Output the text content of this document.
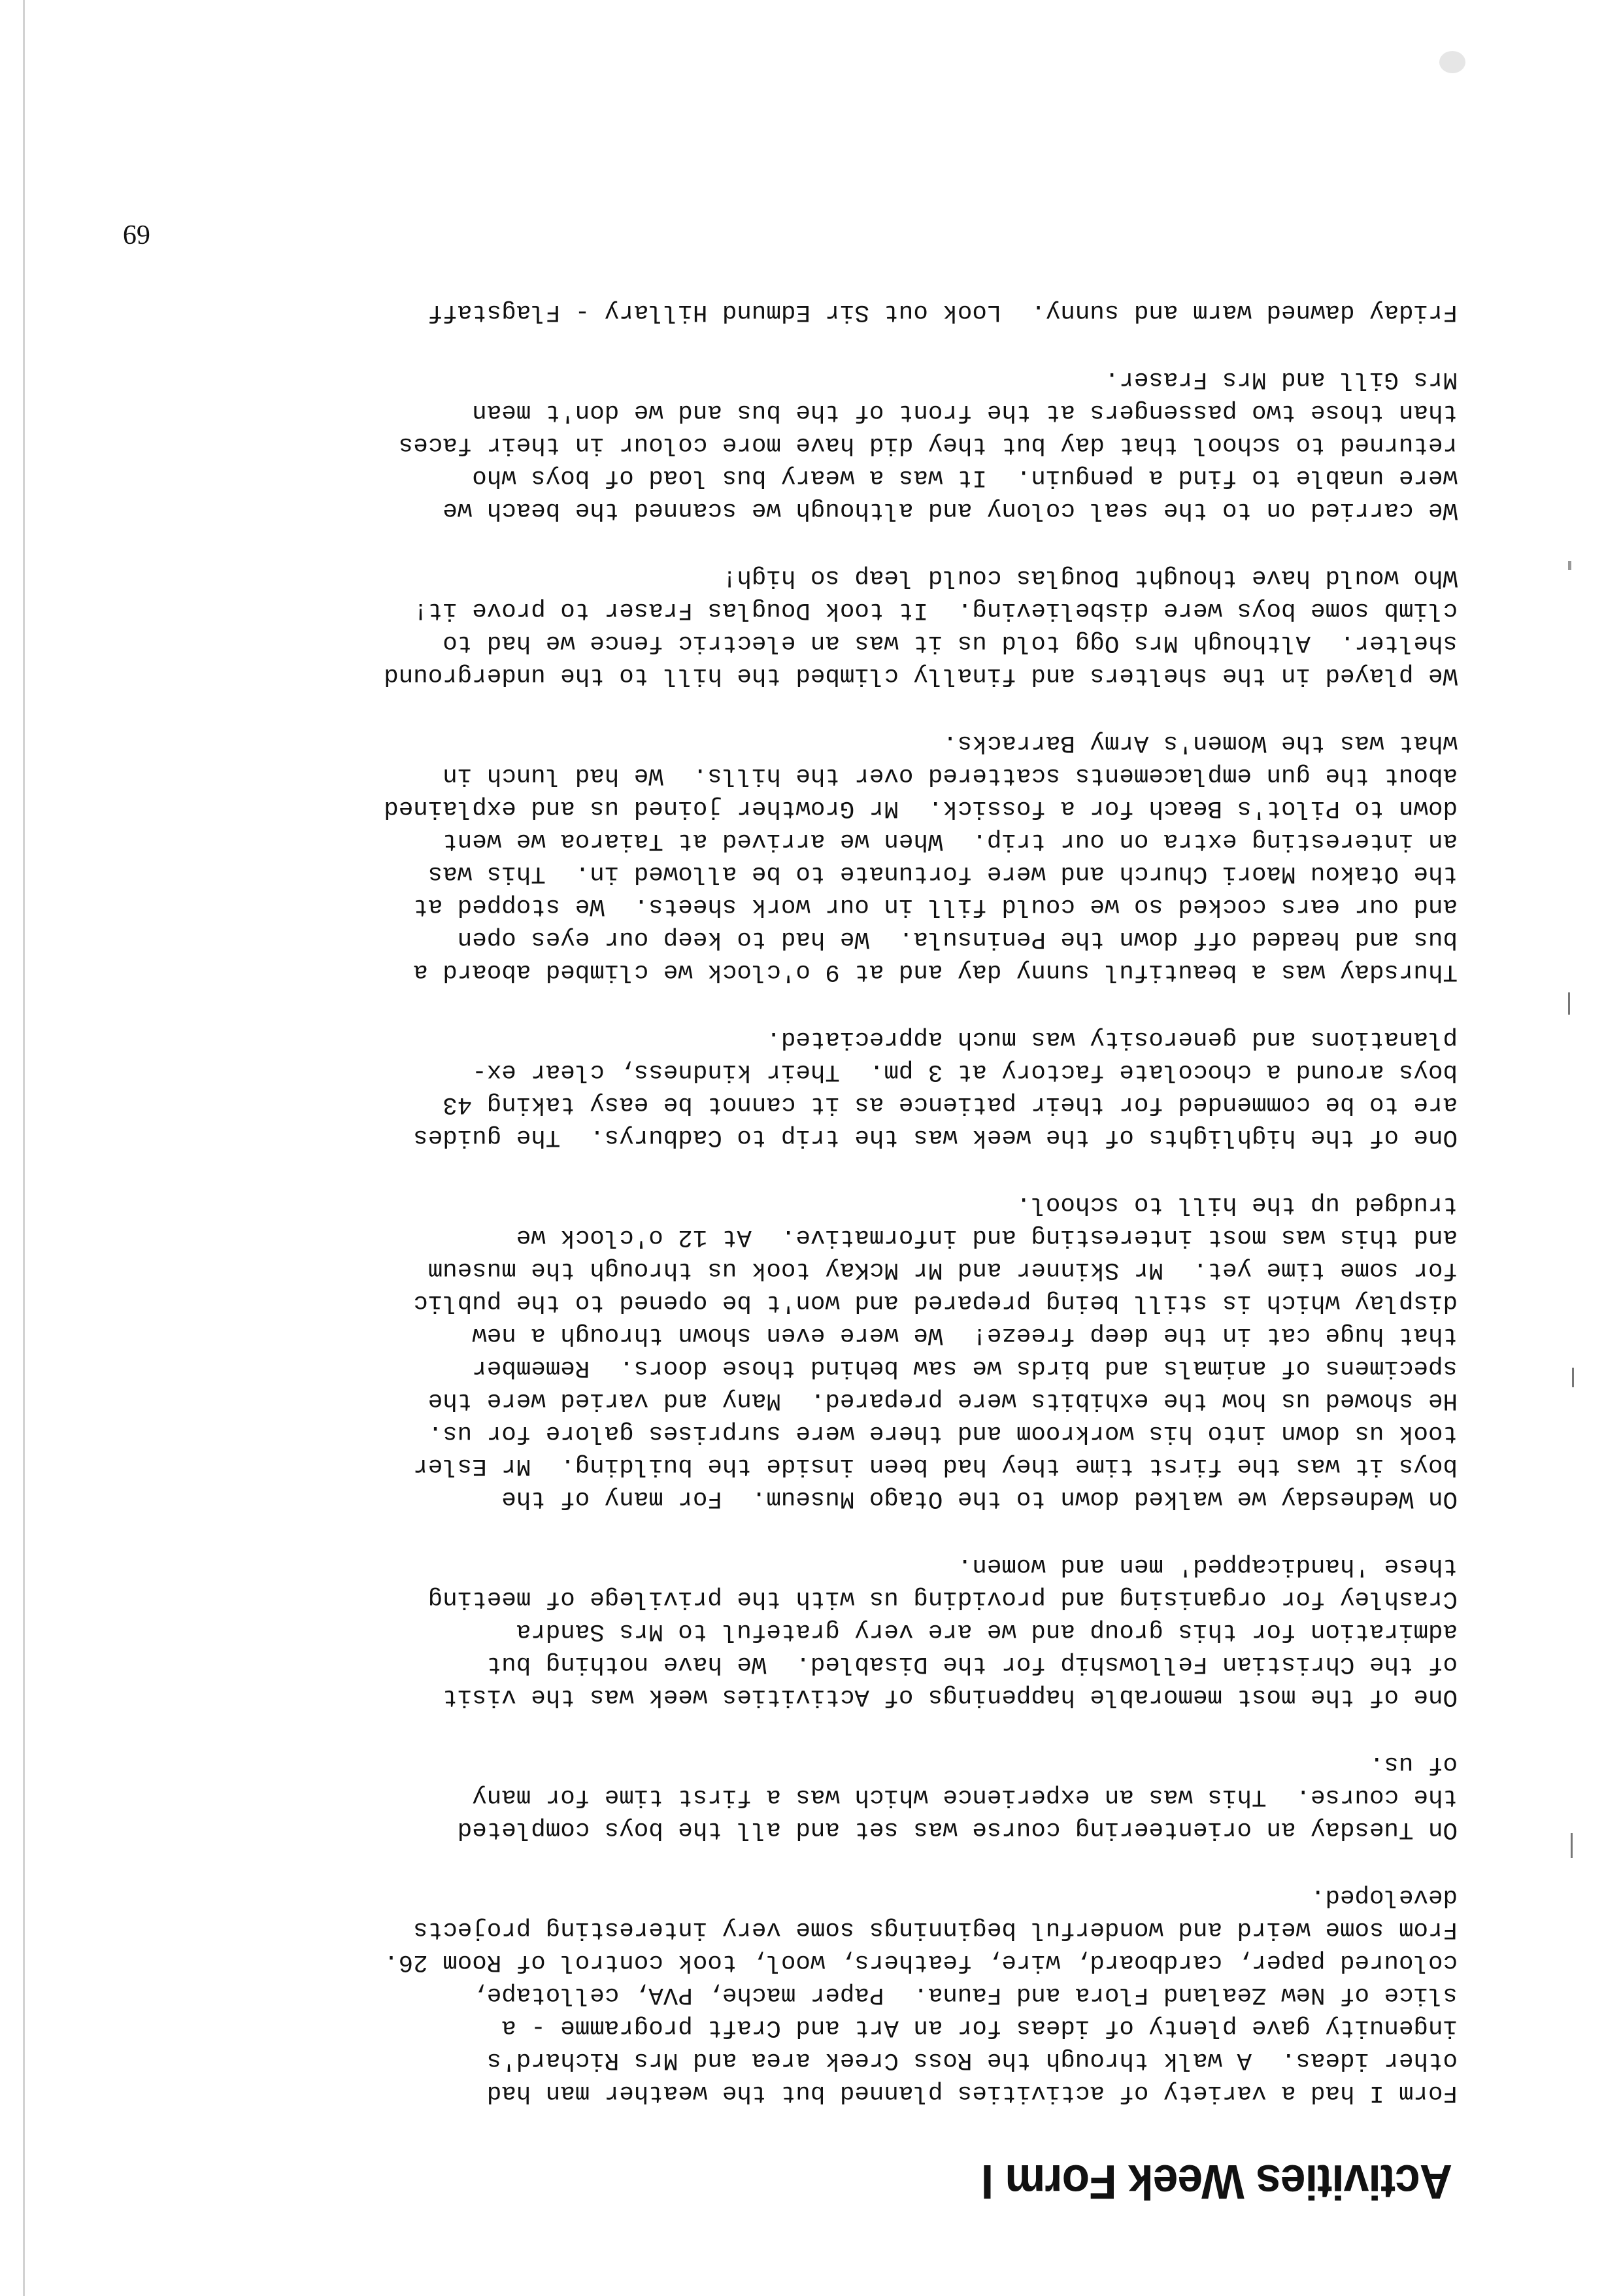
Activities Week Form I

Form I had a variety of activities planned but the weather man had
other ideas.  A walk through the Ross Creek area and Mrs Richard's
ingenuity gave plenty of ideas for an Art and Craft programme - a
slice of New Zealand Flora and Fauna.  Paper mache, PVA, cellotape,
coloured paper, cardboard, wire, feathers, wool, took control of Room 26.
From some weird and wonderful beginnings some very interesting projects
developed.

On Tuesday an orienteering course was set and all the boys completed
the course.  This was an experience which was a first time for many
of us.

One of the most memorable happenings of Activities week was the visit
of the Christian Fellowship for the Disabled.  We have nothing but
admiration for this group and we are very grateful to Mrs Sandra
Crashley for organising and providing us with the privilege of meeting
these 'handicapped' men and women.

On Wednesday we walked down to the Otago Museum.  For many of the
boys it was the first time they had been inside the building.  Mr Esler
took us down into his workroom and there were surprises galore for us.
He showed us how the exhibits were prepared.  Many and varied were the
specimens of animals and birds we saw behind those doors.  Remember
that huge cat in the deep freeze!  We were even shown through a new
display which is still being prepared and won't be opened to the public
for some time yet.  Mr Skinner and Mr McKay took us through the museum
and this was most interesting and informative.  At 12 o'clock we
trudged up the hill to school.

One of the highlights of the week was the trip to Cadburys.  The guides
are to be commended for their patience as it cannot be easy taking 43
boys around a chocolate factory at 3 pm.  Their kindness, clear ex-
planations and generosity was much appreciated.

Thursday was a beautiful sunny day and at 9 o'clock we climbed aboard a
bus and headed off down the Peninsula.  We had to keep our eyes open
and our ears cocked so we could fill in our work sheets.  We stopped at
the Otakou Maori Church and were fortunate to be allowed in.  This was
an interesting extra on our trip.  When we arrived at Taiaroa we went
down to Pilot's Beach for a fossick.  Mr Growther joined us and explained
about the gun emplacements scattered over the hills.  We had lunch in
what was the Women's Army Barracks.

We played in the shelters and finally climbed the hill to the underground
shelter.  Although Mrs Ogg told us it was an electric fence we had to
climb some boys were disbelieving.  It took Douglas Fraser to prove it!
Who would have thought Douglas could leap so high!

We carried on to the seal colony and although we scanned the beach we
were unable to find a penguin.  It was a weary bus load of boys who
returned to school that day but they did have more colour in their faces
than those two passengers at the front of the bus and we don't mean
Mrs Gill and Mrs Fraser.

Friday dawned warm and sunny.  Look out Sir Edmund Hillary - Flagstaff

69
